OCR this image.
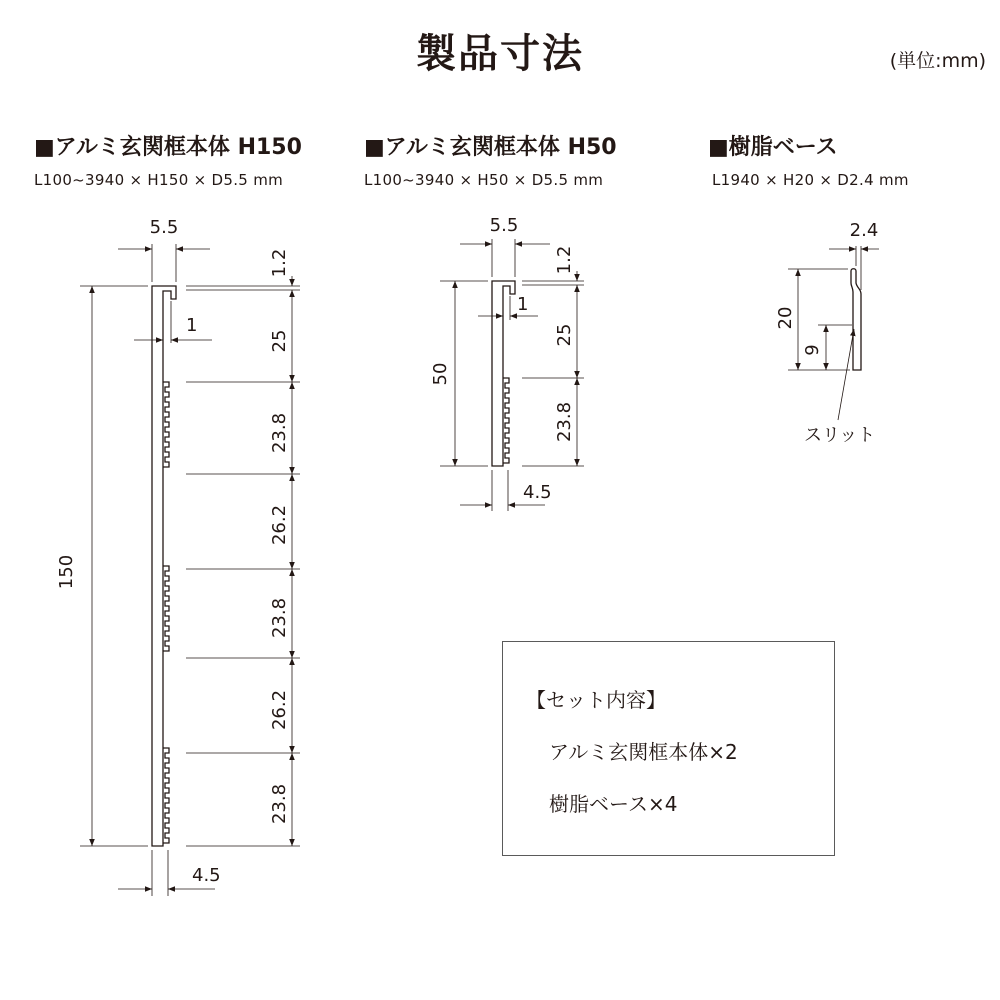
製品寸法	(単位:mm)
■アルミ玄関框本体 H150
L100~3940 × H150 × D5.5 mm
■アルミ玄関框本体 H50
L100~3940 × H50 × D5.5 mm
■樹脂ベース
L1940 × H20 × D2.4 mm
5.5
1
150
1.2
25
23.8
26.2
23.8
26.2
23.8
4.5
5.5
1
50
1.2
25
23.8
4.5
2.4
20
9
スリット
【セット内容】
アルミ玄関框本体×2
樹脂ベース×4
